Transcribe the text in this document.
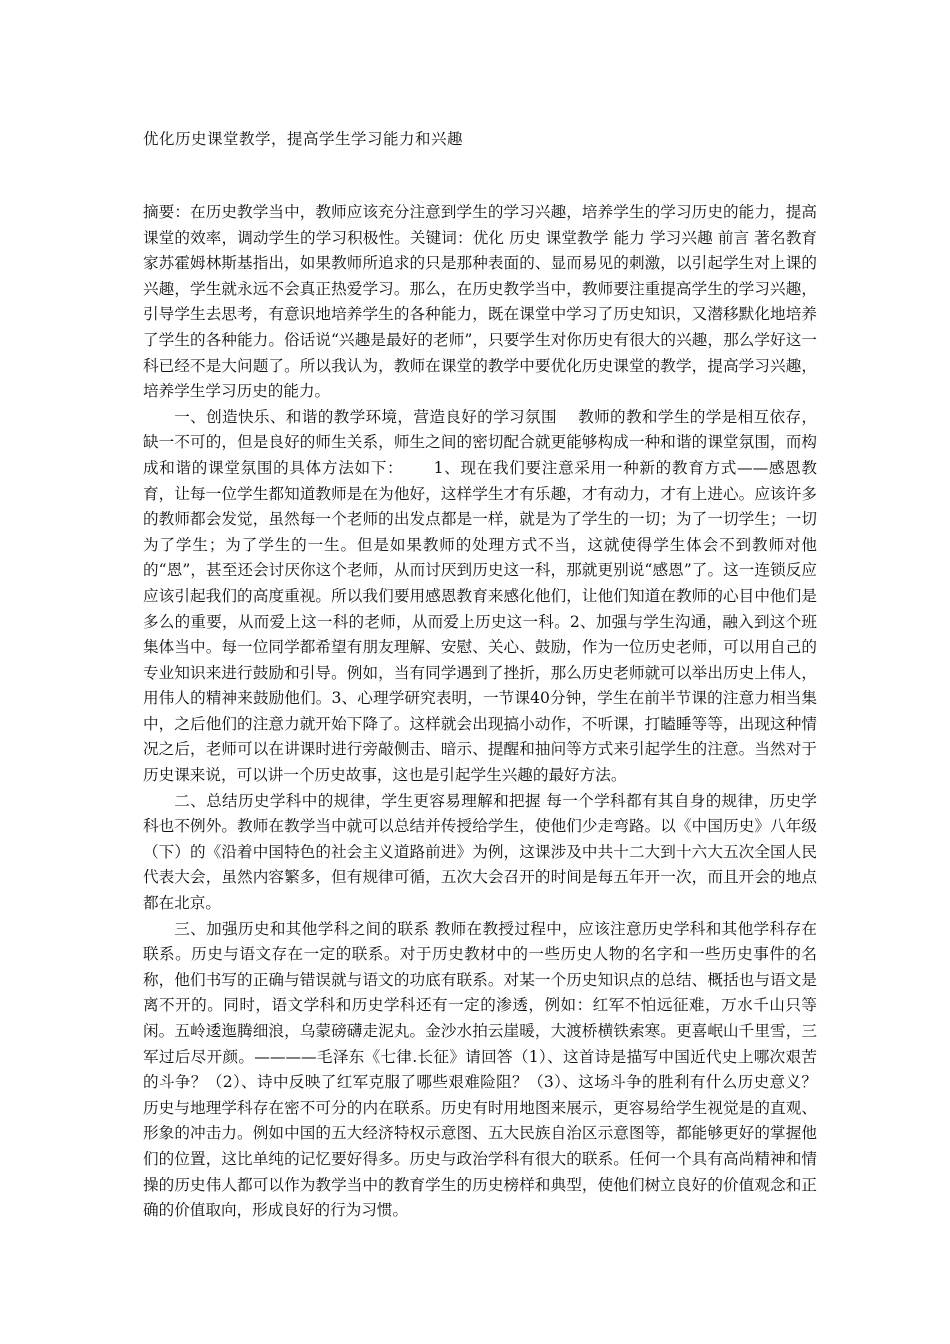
优化历史课堂教学，提高学生学习能力和兴趣

摘要：在历史教学当中，教师应该充分注意到学生的学习兴趣，培养学生的学习历史的能力，提高课堂的效率，调动学生的学习积极性。关键词：优化 历史 课堂教学 能力 学习兴趣 前言 著名教育家苏霍姆林斯基指出，如果教师所追求的只是那种表面的、显而易见的刺激，以引起学生对上课的兴趣，学生就永远不会真正热爱学习。那么，在历史教学当中，教师要注重提高学生的学习兴趣，引导学生去思考，有意识地培养学生的各种能力，既在课堂中学习了历史知识，又潜移默化地培养了学生的各种能力。俗话说“兴趣是最好的老师”，只要学生对你历史有很大的兴趣，那么学好这一科已经不是大问题了。所以我认为，教师在课堂的教学中要优化历史课堂的教学，提高学习兴趣，培养学生学习历史的能力。

一、创造快乐、和谐的教学环境，营造良好的学习氛围　 教师的教和学生的学是相互依存，缺一不可的，但是良好的师生关系，师生之间的密切配合就更能够构成一种和谐的课堂氛围，而构成和谐的课堂氛围的具体方法如下：　　 1、现在我们要注意采用一种新的教育方式——感恩教育，让每一位学生都知道教师是在为他好，这样学生才有乐趣，才有动力，才有上进心。应该许多的教师都会发觉，虽然每一个老师的出发点都是一样，就是为了学生的一切；为了一切学生；一切为了学生；为了学生的一生。但是如果教师的处理方式不当，这就使得学生体会不到教师对他的“恩”，甚至还会讨厌你这个老师，从而讨厌到历史这一科，那就更别说“感恩”了。这一连锁反应应该引起我们的高度重视。所以我们要用感恩教育来感化他们，让他们知道在教师的心目中他们是多么的重要，从而爱上这一科的老师，从而爱上历史这一科。2、加强与学生沟通，融入到这个班集体当中。每一位同学都希望有朋友理解、安慰、关心、鼓励，作为一位历史老师，可以用自己的专业知识来进行鼓励和引导。例如，当有同学遇到了挫折，那么历史老师就可以举出历史上伟人，用伟人的精神来鼓励他们。3、心理学研究表明，一节课40分钟，学生在前半节课的注意力相当集中，之后他们的注意力就开始下降了。这样就会出现搞小动作，不听课，打瞌睡等等，出现这种情况之后，老师可以在讲课时进行旁敲侧击、暗示、提醒和抽问等方式来引起学生的注意。当然对于历史课来说，可以讲一个历史故事，这也是引起学生兴趣的最好方法。

二、总结历史学科中的规律，学生更容易理解和把握 每一个学科都有其自身的规律，历史学科也不例外。教师在教学当中就可以总结并传授给学生，使他们少走弯路。以《中国历史》八年级（下）的《沿着中国特色的社会主义道路前进》为例，这课涉及中共十二大到十六大五次全国人民代表大会，虽然内容繁多，但有规律可循，五次大会召开的时间是每五年开一次，而且开会的地点都在北京。

三、加强历史和其他学科之间的联系 教师在教授过程中，应该注意历史学科和其他学科存在联系。历史与语文存在一定的联系。对于历史教材中的一些历史人物的名字和一些历史事件的名称，他们书写的正确与错误就与语文的功底有联系。对某一个历史知识点的总结、概括也与语文是离不开的。同时，语文学科和历史学科还有一定的渗透，例如：红军不怕远征难，万水千山只等闲。五岭逶迤腾细浪，乌蒙磅礴走泥丸。金沙水拍云崖暖，大渡桥横铁索寒。更喜岷山千里雪，三军过后尽开颜。————毛泽东《七律.长征》请回答（1）、这首诗是描写中国近代史上哪次艰苦的斗争？（2）、诗中反映了红军克服了哪些艰难险阻？（3）、这场斗争的胜利有什么历史意义？历史与地理学科存在密不可分的内在联系。历史有时用地图来展示，更容易给学生视觉是的直观、形象的冲击力。例如中国的五大经济特权示意图、五大民族自治区示意图等，都能够更好的掌握他们的位置，这比单纯的记忆要好得多。历史与政治学科有很大的联系。任何一个具有高尚精神和情操的历史伟人都可以作为教学当中的教育学生的历史榜样和典型，使他们树立良好的价值观念和正确的价值取向，形成良好的行为习惯。
